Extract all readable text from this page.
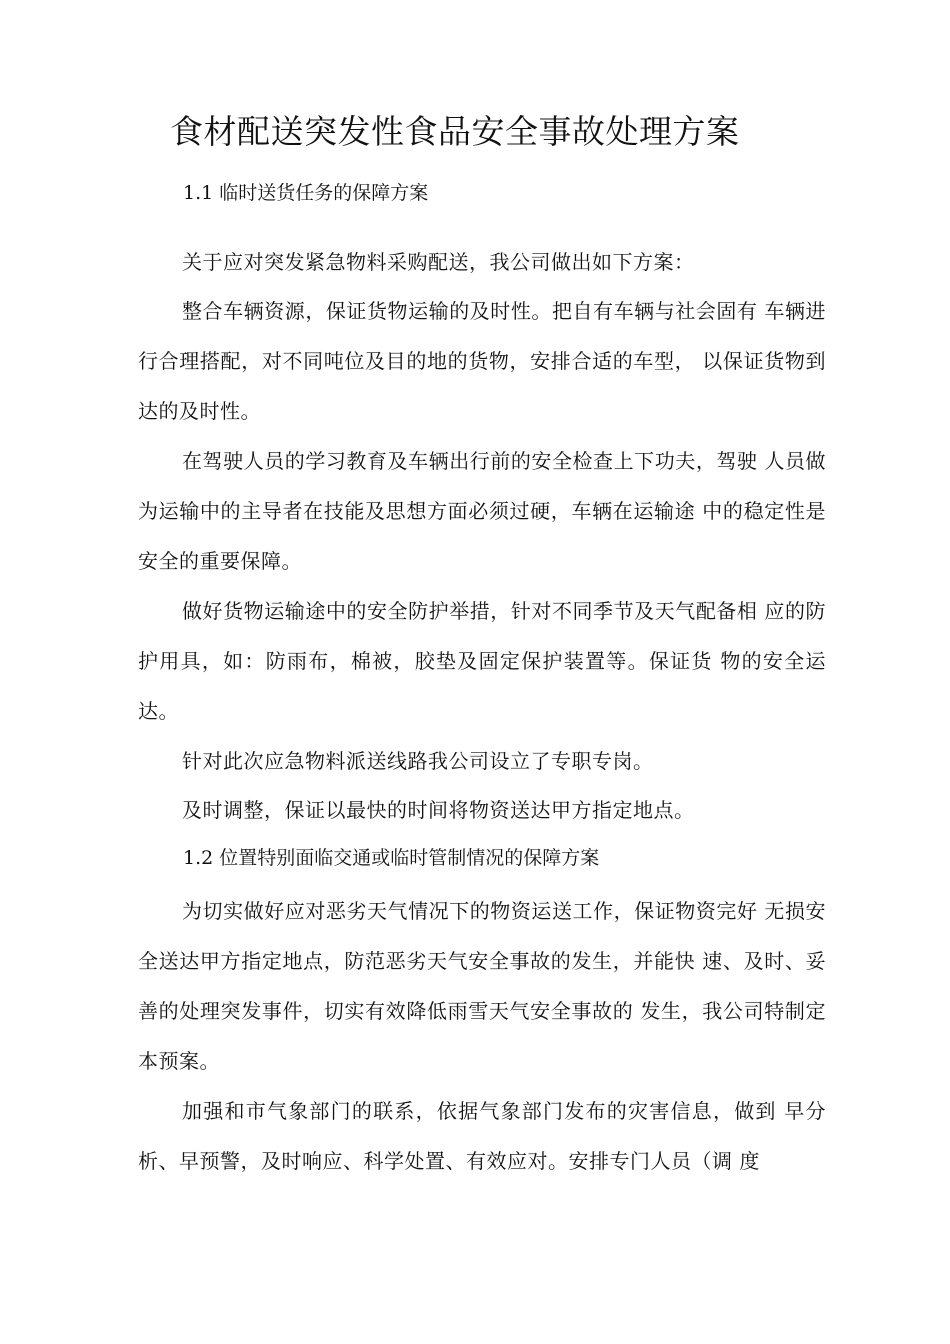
食材配送突发性食品安全事故处理方案
1.1 临时送货任务的保障方案

关于应对突发紧急物料采购配送，我公司做出如下方案：

整合车辆资源，保证货物运输的及时性。把自有车辆与社会固有 车辆进行合理搭配，对不同吨位及目的地的货物，安排合适的车型， 以保证货物到达的及时性。

在驾驶人员的学习教育及车辆出行前的安全检查上下功夫，驾驶 人员做为运输中的主导者在技能及思想方面必须过硬，车辆在运输途 中的稳定性是安全的重要保障。

做好货物运输途中的安全防护举措，针对不同季节及天气配备相 应的防护用具，如：防雨布，棉被，胶垫及固定保护装置等。保证货 物的安全运达。

针对此次应急物料派送线路我公司设立了专职专岗。

及时调整，保证以最快的时间将物资送达甲方指定地点。

1.2 位置特别面临交通或临时管制情况的保障方案

为切实做好应对恶劣天气情况下的物资运送工作，保证物资完好 无损安全送达甲方指定地点，防范恶劣天气安全事故的发生，并能快 速、及时、妥善的处理突发事件，切实有效降低雨雪天气安全事故的 发生，我公司特制定本预案。

加强和市气象部门的联系，依据气象部门发布的灾害信息，做到 早分析、早预警，及时响应、科学处置、有效应对。安排专门人员（调 度
